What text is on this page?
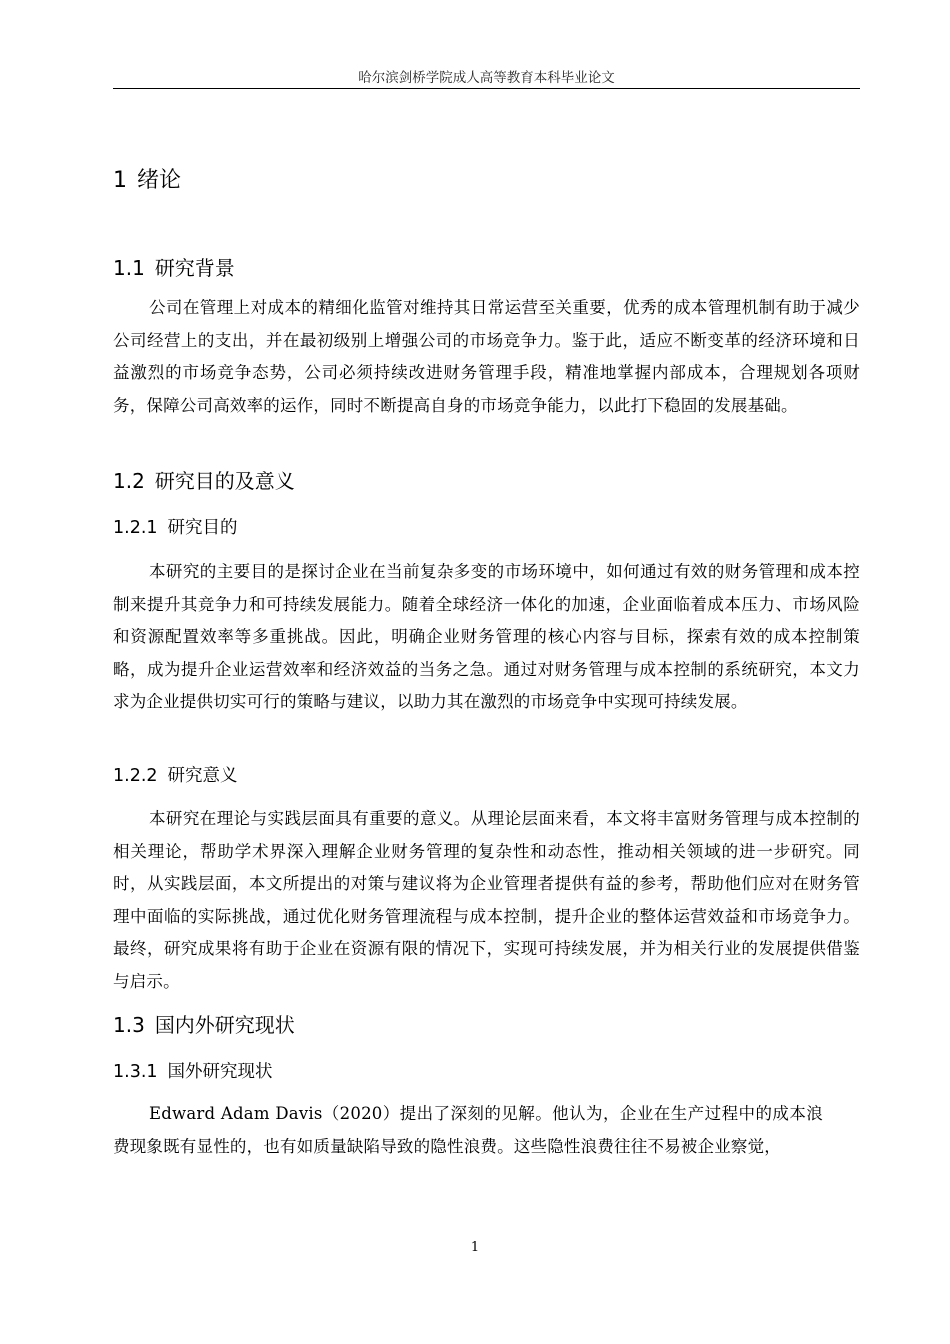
哈尔滨剑桥学院成人高等教育本科毕业论文
1 绪论
1.1 研究背景
公司在管理上对成本的精细化监管对维持其日常运营至关重要，优秀的成本管理机制有助于减少公司经营上的支出，并在最初级别上增强公司的市场竞争力。鉴于此，适应不断变革的经济环境和日益激烈的市场竞争态势，公司必须持续改进财务管理手段，精准地掌握内部成本，合理规划各项财务，保障公司高效率的运作，同时不断提高自身的市场竞争能力，以此打下稳固的发展基础。
1.2 研究目的及意义
1.2.1 研究目的
本研究的主要目的是探讨企业在当前复杂多变的市场环境中，如何通过有效的财务管理和成本控制来提升其竞争力和可持续发展能力。随着全球经济一体化的加速，企业面临着成本压力、市场风险和资源配置效率等多重挑战。因此，明确企业财务管理的核心内容与目标，探索有效的成本控制策略，成为提升企业运营效率和经济效益的当务之急。通过对财务管理与成本控制的系统研究，本文力求为企业提供切实可行的策略与建议，以助力其在激烈的市场竞争中实现可持续发展。
1.2.2 研究意义
本研究在理论与实践层面具有重要的意义。从理论层面来看，本文将丰富财务管理与成本控制的相关理论，帮助学术界深入理解企业财务管理的复杂性和动态性，推动相关领域的进一步研究。同时，从实践层面，本文所提出的对策与建议将为企业管理者提供有益的参考，帮助他们应对在财务管理中面临的实际挑战，通过优化财务管理流程与成本控制，提升企业的整体运营效益和市场竞争力。最终，研究成果将有助于企业在资源有限的情况下，实现可持续发展，并为相关行业的发展提供借鉴与启示。
1.3 国内外研究现状
1.3.1 国外研究现状
Edward Adam Davis（2020）提出了深刻的见解。他认为，企业在生产过程中的成本浪费现象既有显性的，也有如质量缺陷导致的隐性浪费。这些隐性浪费往往不易被企业察觉，
1
